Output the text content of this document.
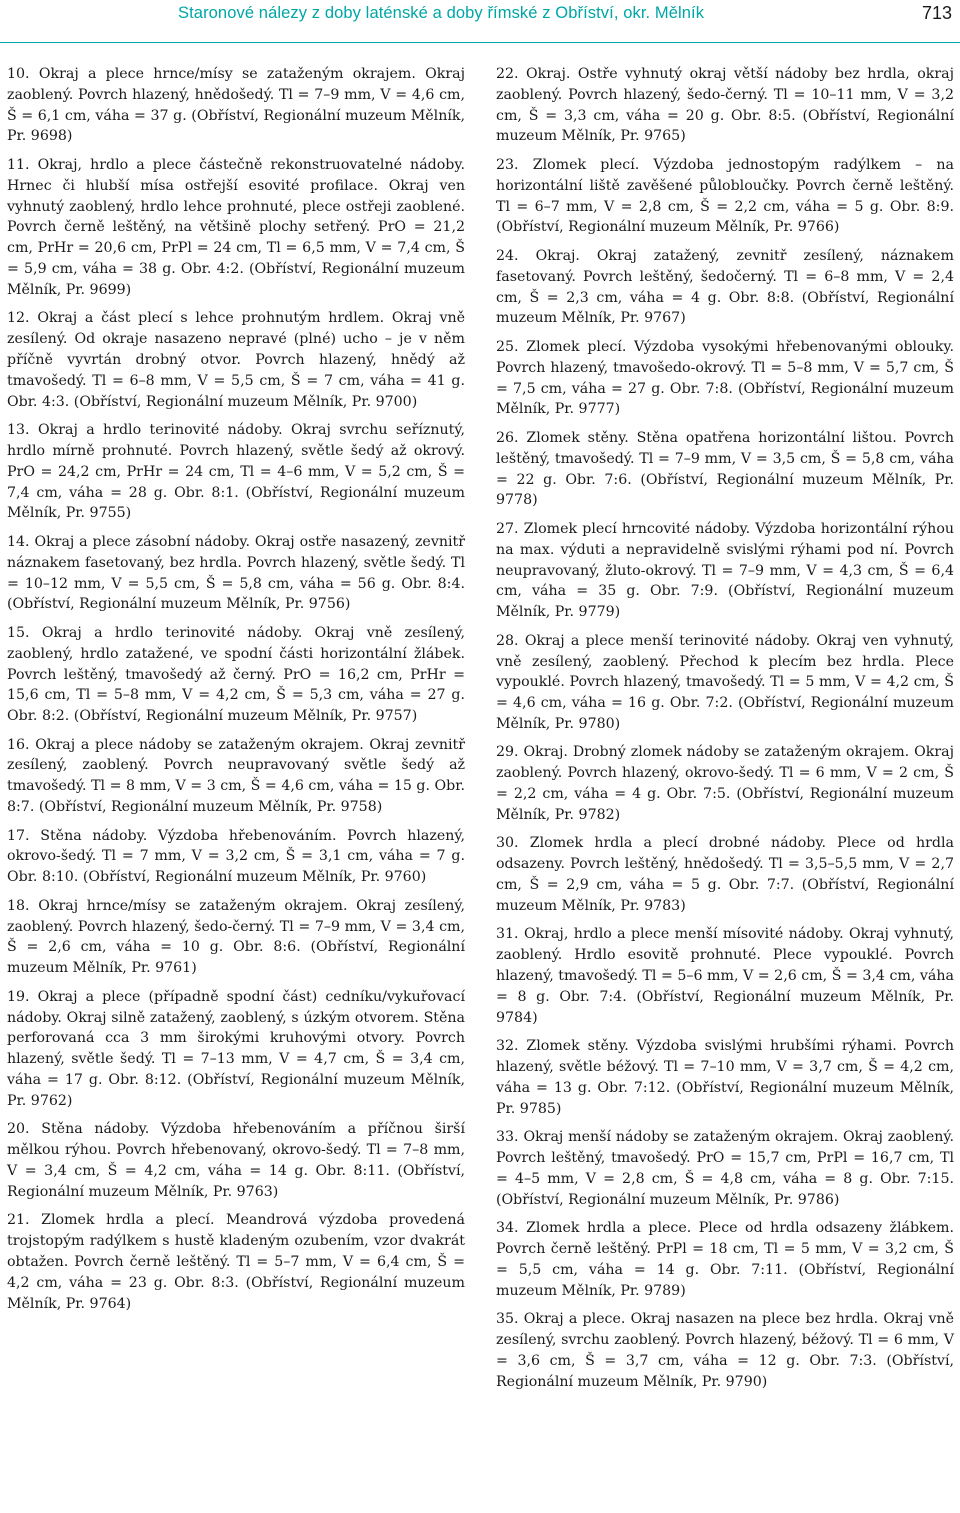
Staronové nálezy z doby laténské a doby římské z Obříství, okr. Mělník	713

10. Okraj a plece hrnce/mísy se zataženým okrajem. Okraj zaoblený. Povrch hlazený, hnědošedý. Tl = 7–9 mm, V = 4,6 cm, Š = 6,1 cm, váha = 37 g. (Obříství, Regionální muzeum Mělník, Pr. 9698)

11. Okraj, hrdlo a plece částečně rekonstruovatelné nádoby. Hrnec či hlubší mísa ostřejší esovité profilace. Okraj ven vyhnutý zaoblený, hrdlo lehce prohnuté, plece ostřeji zaoblené. Povrch černě leštěný, na většině plochy setřený. PrO = 21,2 cm, PrHr = 20,6 cm, PrPl = 24 cm, Tl = 6,5 mm, V = 7,4 cm, Š = 5,9 cm, váha = 38 g. Obr. 4:2. (Obříství, Regionální muzeum Mělník, Pr. 9699)

12. Okraj a část plecí s lehce prohnutým hrdlem. Okraj vně zesílený. Od okraje nasazeno nepravé (plné) ucho – je v něm příčně vyvrtán drobný otvor. Povrch hlazený, hnědý až tmavošedý. Tl = 6–8 mm, V = 5,5 cm, Š = 7 cm, váha = 41 g. Obr. 4:3. (Obříství, Regionální muzeum Mělník, Pr. 9700)

13. Okraj a hrdlo terinovité nádoby. Okraj svrchu seříznutý, hrdlo mírně prohnuté. Povrch hlazený, světle šedý až okrový. PrO = 24,2 cm, PrHr = 24 cm, Tl = 4–6 mm, V = 5,2 cm, Š = 7,4 cm, váha = 28 g. Obr. 8:1. (Obříství, Regionální muzeum Mělník, Pr. 9755)

14. Okraj a plece zásobní nádoby. Okraj ostře nasazený, zevnitř náznakem fasetovaný, bez hrdla. Povrch hlazený, světle šedý. Tl = 10–12 mm, V = 5,5 cm, Š = 5,8 cm, váha = 56 g. Obr. 8:4. (Obříství, Regionální muzeum Mělník, Pr. 9756)

15. Okraj a hrdlo terinovité nádoby. Okraj vně zesílený, zaoblený, hrdlo zatažené, ve spodní části horizontální žlábek. Povrch leštěný, tmavošedý až černý. PrO = 16,2 cm, PrHr = 15,6 cm, Tl = 5–8 mm, V = 4,2 cm, Š = 5,3 cm, váha = 27 g. Obr. 8:2. (Obříství, Regionální muzeum Mělník, Pr. 9757)

16. Okraj a plece nádoby se zataženým okrajem. Okraj zevnitř zesílený, zaoblený. Povrch neupravovaný světle šedý až tmavošedý. Tl = 8 mm, V = 3 cm, Š = 4,6 cm, váha = 15 g. Obr. 8:7. (Obříství, Regionální muzeum Mělník, Pr. 9758)

17. Stěna nádoby. Výzdoba hřebenováním. Povrch hlazený, okrovo-šedý. Tl = 7 mm, V = 3,2 cm, Š = 3,1 cm, váha = 7 g. Obr. 8:10. (Obříství, Regionální muzeum Mělník, Pr. 9760)

18. Okraj hrnce/mísy se zataženým okrajem. Okraj zesílený, zaoblený. Povrch hlazený, šedo-černý. Tl = 7–9 mm, V = 3,4 cm, Š = 2,6 cm, váha = 10 g. Obr. 8:6. (Obříství, Regionální muzeum Mělník, Pr. 9761)

19. Okraj a plece (případně spodní část) cedníku/vykuřovací nádoby. Okraj silně zatažený, zaoblený, s úzkým otvorem. Stěna perforovaná cca 3 mm širokými kruhovými otvory. Povrch hlazený, světle šedý. Tl = 7–13 mm, V = 4,7 cm, Š = 3,4 cm, váha = 17 g. Obr. 8:12. (Obříství, Regionální muzeum Mělník, Pr. 9762)

20. Stěna nádoby. Výzdoba hřebenováním a příčnou širší mělkou rýhou. Povrch hřebenovaný, okrovo-šedý. Tl = 7–8 mm, V = 3,4 cm, Š = 4,2 cm, váha = 14 g. Obr. 8:11. (Obříství, Regionální muzeum Mělník, Pr. 9763)

21. Zlomek hrdla a plecí. Meandrová výzdoba provedená trojstopým radýlkem s hustě kladeným ozubením, vzor dvakrát obtažen. Povrch černě leštěný. Tl = 5–7 mm, V = 6,4 cm, Š = 4,2 cm, váha = 23 g. Obr. 8:3. (Obříství, Regionální muzeum Mělník, Pr. 9764)

22. Okraj. Ostře vyhnutý okraj větší nádoby bez hrdla, okraj zaoblený. Povrch hlazený, šedo-černý. Tl = 10–11 mm, V = 3,2 cm, Š = 3,3 cm, váha = 20 g. Obr. 8:5. (Obříství, Regionální muzeum Mělník, Pr. 9765)

23. Zlomek plecí. Výzdoba jednostopým radýlkem – na horizontální liště zavěšené půlobloučky. Povrch černě leštěný. Tl = 6–7 mm, V = 2,8 cm, Š = 2,2 cm, váha = 5 g. Obr. 8:9. (Obříství, Regionální muzeum Mělník, Pr. 9766)

24. Okraj. Okraj zatažený, zevnitř zesílený, náznakem fasetovaný. Povrch leštěný, šedočerný. Tl = 6–8 mm, V = 2,4 cm, Š = 2,3 cm, váha = 4 g. Obr. 8:8. (Obříství, Regionální muzeum Mělník, Pr. 9767)

25. Zlomek plecí. Výzdoba vysokými hřebenovanými oblouky. Povrch hlazený, tmavošedo-okrový. Tl = 5–8 mm, V = 5,7 cm, Š = 7,5 cm, váha = 27 g. Obr. 7:8. (Obříství, Regionální muzeum Mělník, Pr. 9777)

26. Zlomek stěny. Stěna opatřena horizontální lištou. Povrch leštěný, tmavošedý. Tl = 7–9 mm, V = 3,5 cm, Š = 5,8 cm, váha = 22 g. Obr. 7:6. (Obříství, Regionální muzeum Mělník, Pr. 9778)

27. Zlomek plecí hrncovité nádoby. Výzdoba horizontální rýhou na max. výduti a nepravidelně svislými rýhami pod ní. Povrch neupravovaný, žluto-okrový. Tl = 7–9 mm, V = 4,3 cm, Š = 6,4 cm, váha = 35 g. Obr. 7:9. (Obříství, Regionální muzeum Mělník, Pr. 9779)

28. Okraj a plece menší terinovité nádoby. Okraj ven vyhnutý, vně zesílený, zaoblený. Přechod k plecím bez hrdla. Plece vypouklé. Povrch hlazený, tmavošedý. Tl = 5 mm, V = 4,2 cm, Š = 4,6 cm, váha = 16 g. Obr. 7:2. (Obříství, Regionální muzeum Mělník, Pr. 9780)

29. Okraj. Drobný zlomek nádoby se zataženým okrajem. Okraj zaoblený. Povrch hlazený, okrovo-šedý. Tl = 6 mm, V = 2 cm, Š = 2,2 cm, váha = 4 g. Obr. 7:5. (Obříství, Regionální muzeum Mělník, Pr. 9782)

30. Zlomek hrdla a plecí drobné nádoby. Plece od hrdla odsazeny. Povrch leštěný, hnědošedý. Tl = 3,5–5,5 mm, V = 2,7 cm, Š = 2,9 cm, váha = 5 g. Obr. 7:7. (Obříství, Regionální muzeum Mělník, Pr. 9783)

31. Okraj, hrdlo a plece menší mísovité nádoby. Okraj vyhnutý, zaoblený. Hrdlo esovitě prohnuté. Plece vypouklé. Povrch hlazený, tmavošedý. Tl = 5–6 mm, V = 2,6 cm, Š = 3,4 cm, váha = 8 g. Obr. 7:4. (Obříství, Regionální muzeum Mělník, Pr. 9784)

32. Zlomek stěny. Výzdoba svislými hrubšími rýhami. Povrch hlazený, světle béžový. Tl = 7–10 mm, V = 3,7 cm, Š = 4,2 cm, váha = 13 g. Obr. 7:12. (Obříství, Regionální muzeum Mělník, Pr. 9785)

33. Okraj menší nádoby se zataženým okrajem. Okraj zaoblený. Povrch leštěný, tmavošedý. PrO = 15,7 cm, PrPl = 16,7 cm, Tl = 4–5 mm, V = 2,8 cm, Š = 4,8 cm, váha = 8 g. Obr. 7:15. (Obříství, Regionální muzeum Mělník, Pr. 9786)

34. Zlomek hrdla a plece. Plece od hrdla odsazeny žlábkem. Povrch černě leštěný. PrPl = 18 cm, Tl = 5 mm, V = 3,2 cm, Š = 5,5 cm, váha = 14 g. Obr. 7:11. (Obříství, Regionální muzeum Mělník, Pr. 9789)

35. Okraj a plece. Okraj nasazen na plece bez hrdla. Okraj vně zesílený, svrchu zaoblený. Povrch hlazený, béžový. Tl = 6 mm, V = 3,6 cm, Š = 3,7 cm, váha = 12 g. Obr. 7:3. (Obříství, Regionální muzeum Mělník, Pr. 9790)
